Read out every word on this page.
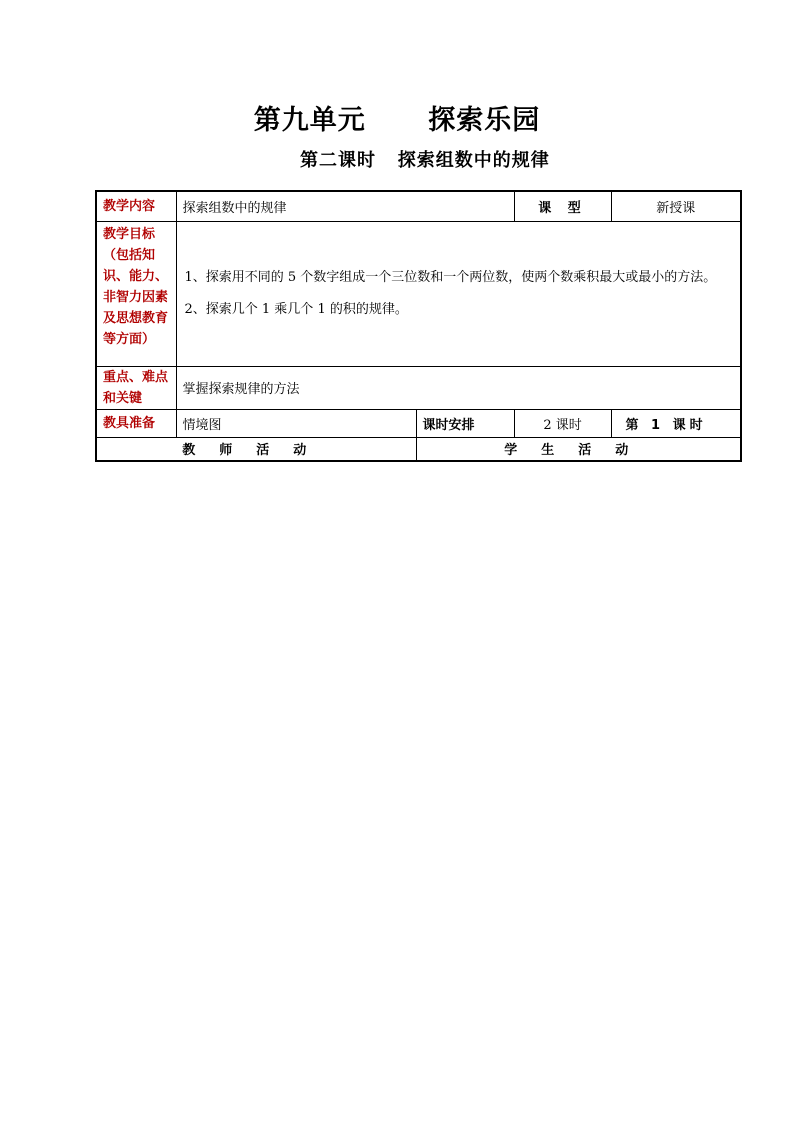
第九单元      探索乐园
第二课时   探索组数中的规律
教学内容	探索组数中的规律		课 型	新授课
教学目标（包括知识、能力、非智力因素及思想教育等方面）	1、探索用不同的 5 个数字组成一个三位数和一个两位数，使两个数乘积最大或最小的方法。

2、探索几个 1 乘几个 1 的积的规律。			

重点、难点和关键	掌握探索规律的方法			
教具准备	情境图	课时安排	2 课时	第 1 课时
教师活动		学生活动		
